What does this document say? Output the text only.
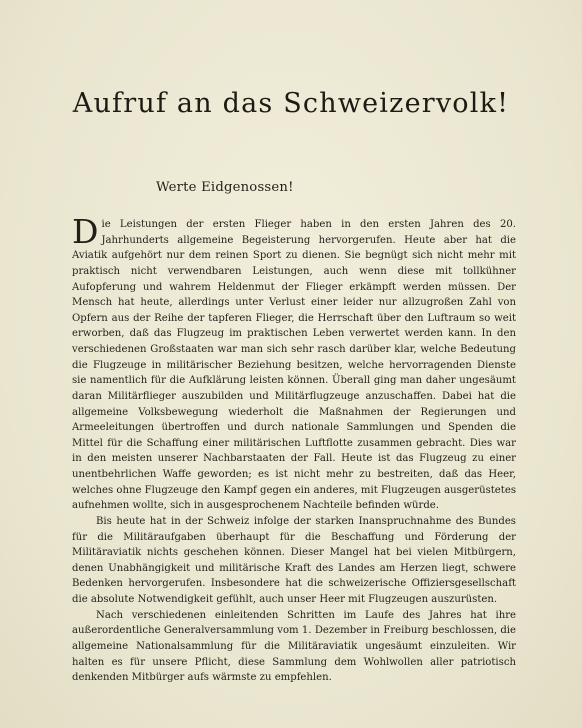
Aufruf an das Schweizervolk!
Werte Eidgenossen!

Die Leistungen der ersten Flieger haben in den ersten Jahren des 20. Jahrhunderts allgemeine Begeisterung hervorgerufen. Heute aber hat die Aviatik aufgehört nur dem reinen Sport zu dienen. Sie begnügt sich nicht mehr mit praktisch nicht verwendbaren Leistungen, auch wenn diese mit tollkühner Aufopferung und wahrem Heldenmut der Flieger erkämpft werden müssen. Der Mensch hat heute, allerdings unter Verlust einer leider nur allzugroßen Zahl von Opfern aus der Reihe der tapferen Flieger, die Herrschaft über den Luftraum so weit erworben, daß das Flugzeug im praktischen Leben verwertet werden kann. In den verschiedenen Großstaaten war man sich sehr rasch darüber klar, welche Bedeutung die Flugzeuge in militärischer Beziehung besitzen, welche hervorragenden Dienste sie namentlich für die Aufklärung leisten können. Überall ging man daher ungesäumt daran Militärflieger auszubilden und Militärflugzeuge anzuschaffen. Dabei hat die allgemeine Volksbewegung wiederholt die Maßnahmen der Regierungen und Armeeleitungen übertroffen und durch nationale Sammlungen und Spenden die Mittel für die Schaffung einer militärischen Luftflotte zusammen gebracht. Dies war in den meisten unserer Nachbarstaaten der Fall. Heute ist das Flugzeug zu einer unentbehrlichen Waffe geworden; es ist nicht mehr zu bestreiten, daß das Heer, welches ohne Flugzeuge den Kampf gegen ein anderes, mit Flugzeugen ausgerüstetes aufnehmen wollte, sich in ausgesprochenem Nachteile befinden würde.

Bis heute hat in der Schweiz infolge der starken Inanspruchnahme des Bundes für die Militäraufgaben überhaupt für die Beschaffung und Förderung der Militäraviatik nichts geschehen können. Dieser Mangel hat bei vielen Mitbürgern, denen Unabhängigkeit und militärische Kraft des Landes am Herzen liegt, schwere Bedenken hervorgerufen. Insbesondere hat die schweizerische Offiziersgesellschaft die absolute Notwendigkeit gefühlt, auch unser Heer mit Flugzeugen auszurüsten.

Nach verschiedenen einleitenden Schritten im Laufe des Jahres hat ihre außerordentliche Generalversammlung vom 1. Dezember in Freiburg beschlossen, die allgemeine Nationalsammlung für die Militäraviatik ungesäumt einzuleiten. Wir halten es für unsere Pflicht, diese Sammlung dem Wohlwollen aller patriotisch denkenden Mitbürger aufs wärmste zu empfehlen.
